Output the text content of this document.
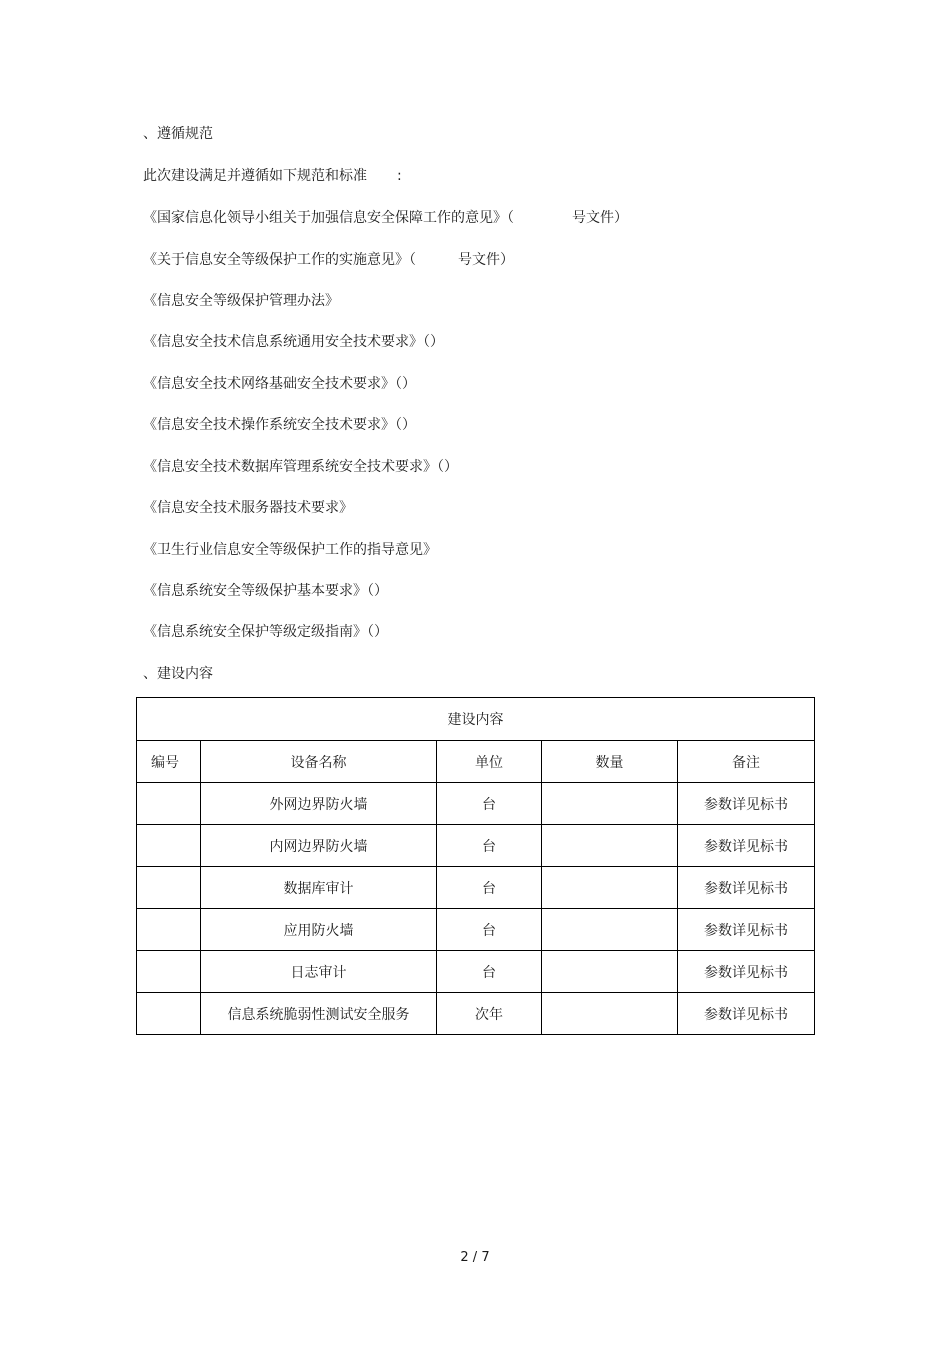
、遵循规范
此次建设满足并遵循如下规范和标准 :
《国家信息化领导小组关于加强信息安全保障工作的意见》（	号文件）
《关于信息安全等级保护工作的实施意见》（	号文件）
《信息安全等级保护管理办法》
《信息安全技术信息系统通用安全技术要求》（）
《信息安全技术网络基础安全技术要求》（）
《信息安全技术操作系统安全技术要求》（）
《信息安全技术数据库管理系统安全技术要求》（）
《信息安全技术服务器技术要求》
《卫生行业信息安全等级保护工作的指导意见》
《信息系统安全等级保护基本要求》（）
《信息系统安全保护等级定级指南》（）
、建设内容
建设内容				
编号	设备名称	单位	数量	备注
	外网边界防火墙	台		参数详见标书
	内网边界防火墙	台		参数详见标书
	数据库审计	台		参数详见标书
	应用防火墙	台		参数详见标书
	日志审计	台		参数详见标书
	信息系统脆弱性测试安全服务	次年		参数详见标书
2 / 7
